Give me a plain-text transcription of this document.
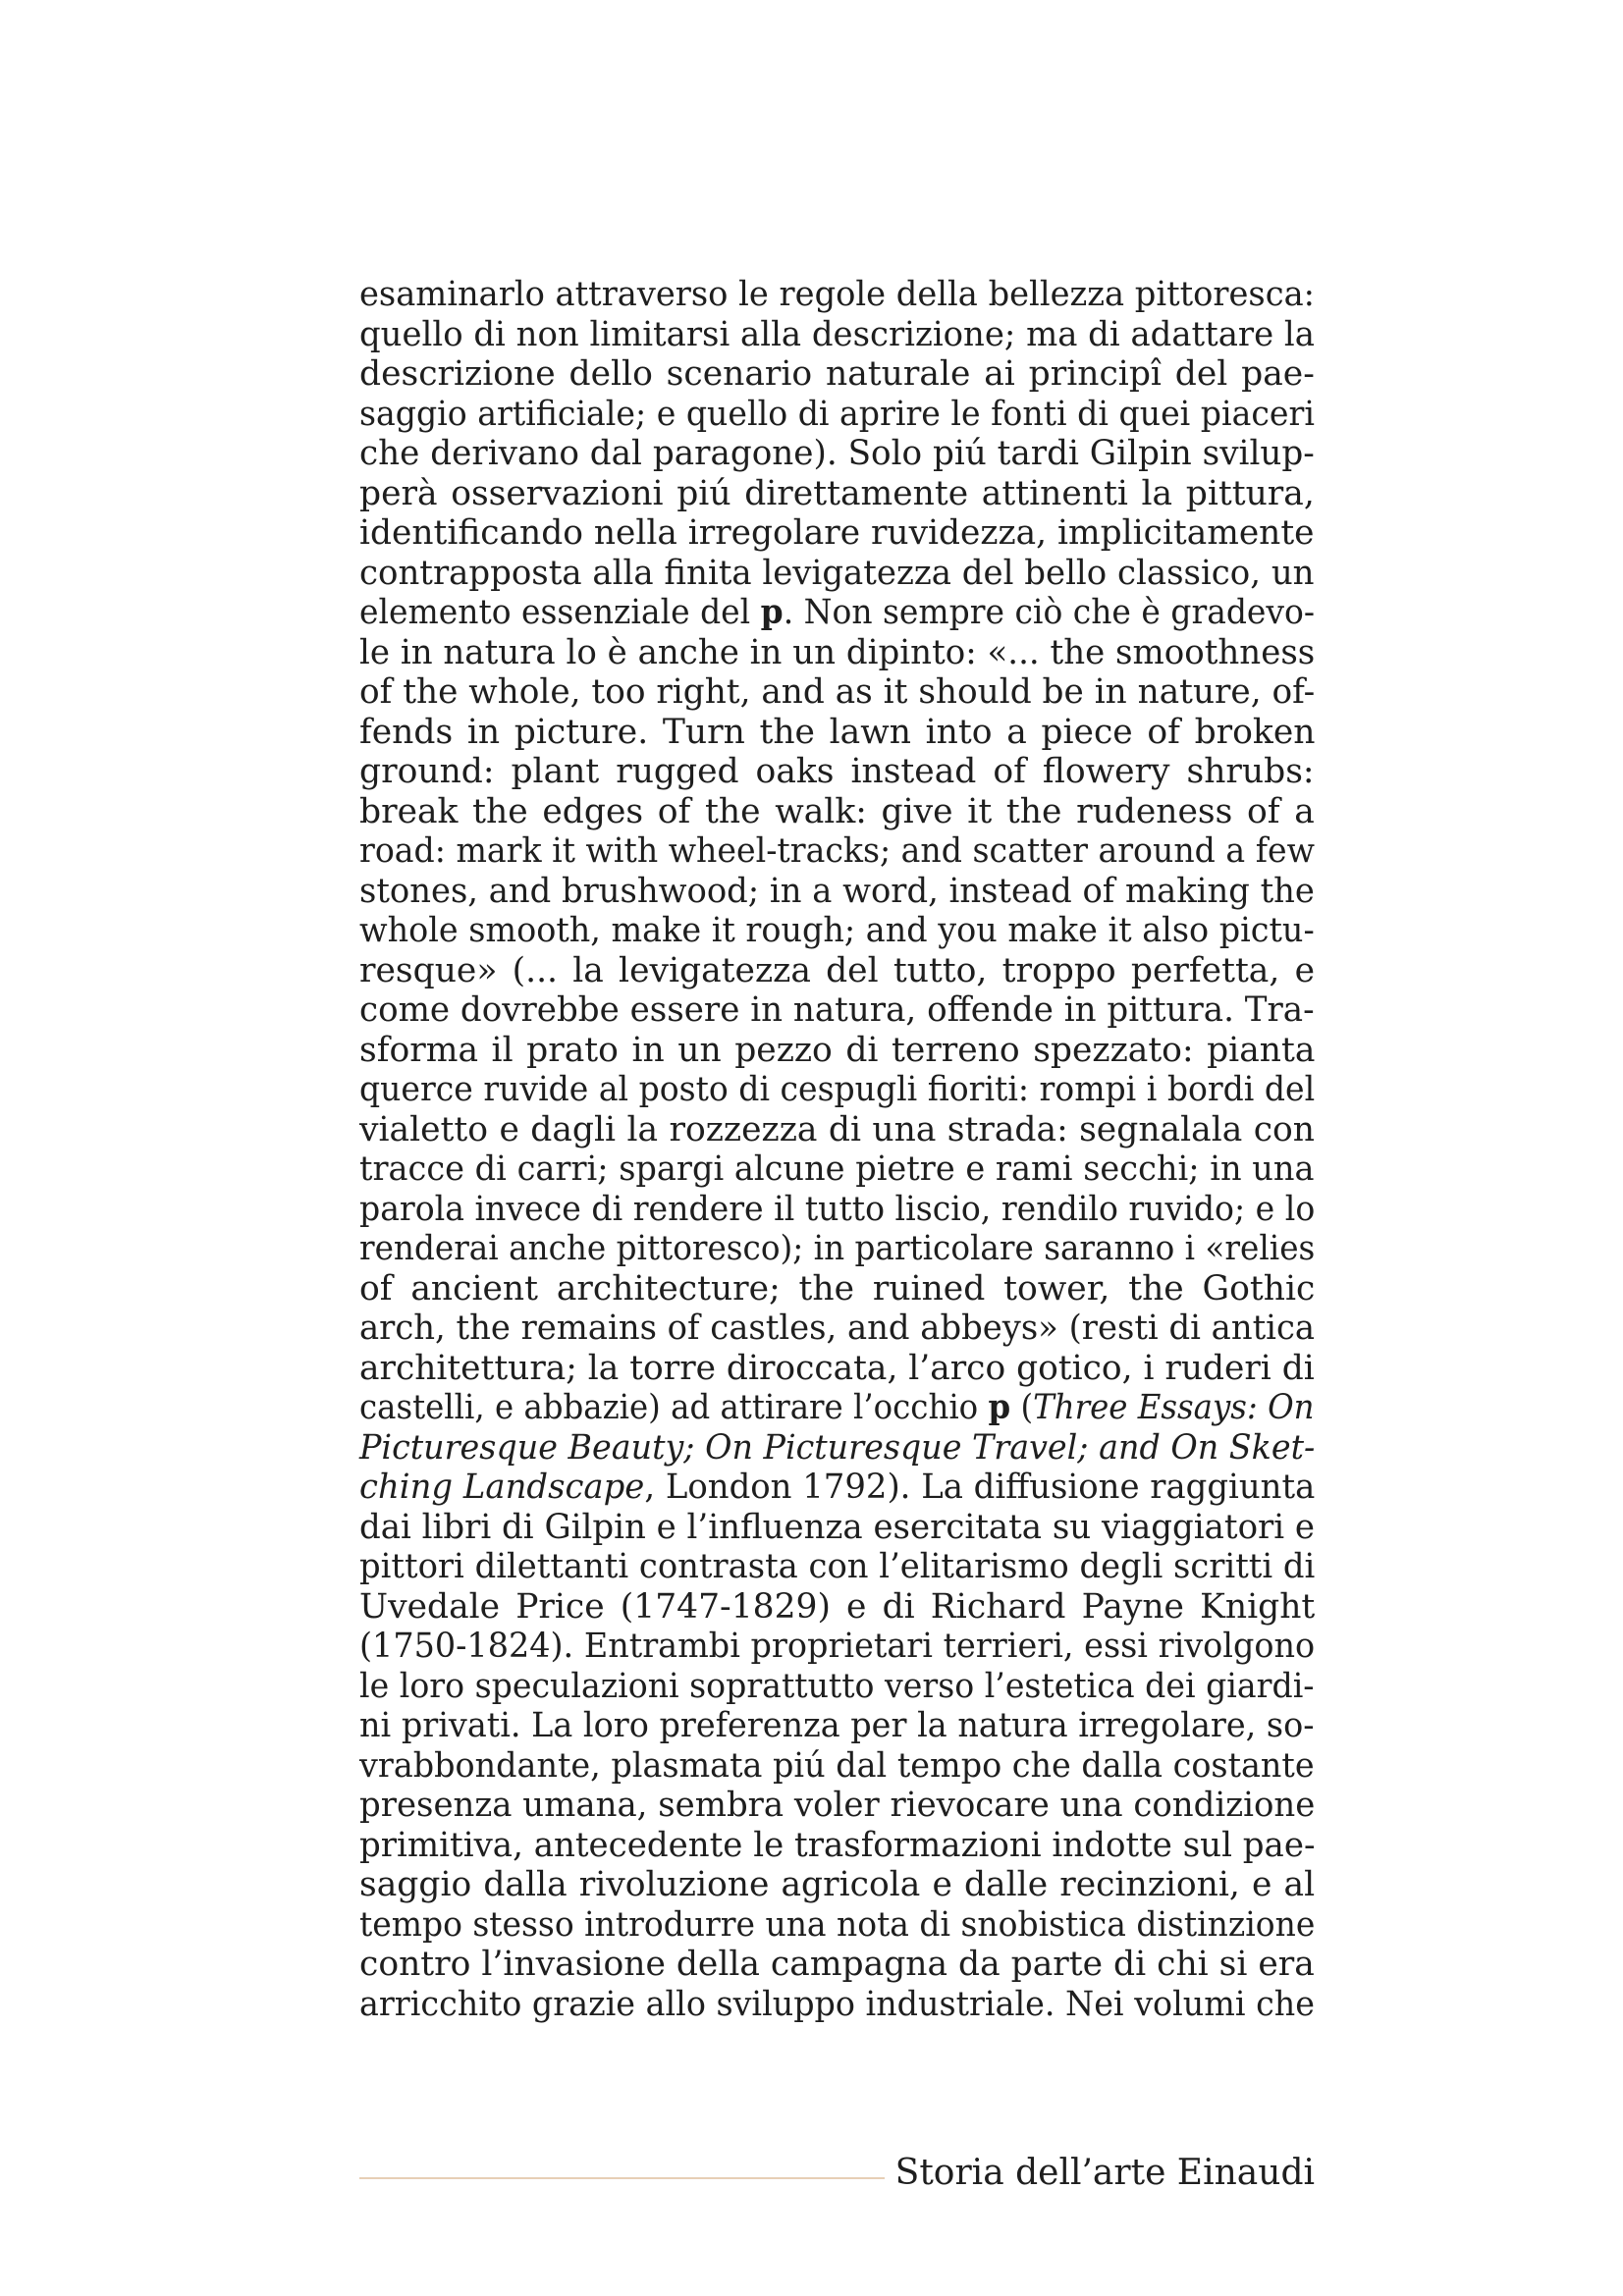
esaminarlo attraverso le regole della bellezza pittoresca:
quello di non limitarsi alla descrizione; ma di adattare la
descrizione dello scenario naturale ai principî del pae-
saggio artificiale; e quello di aprire le fonti di quei piaceri
che derivano dal paragone). Solo piú tardi Gilpin svilup-
perà osservazioni piú direttamente attinenti la pittura,
identificando nella irregolare ruvidezza, implicitamente
contrapposta alla finita levigatezza del bello classico, un
elemento essenziale del p. Non sempre ciò che è gradevo-
le in natura lo è anche in un dipinto: «... the smoothness
of the whole, too right, and as it should be in nature, of-
fends in picture. Turn the lawn into a piece of broken
ground: plant rugged oaks instead of flowery shrubs:
break the edges of the walk: give it the rudeness of a
road: mark it with wheel-tracks; and scatter around a few
stones, and brushwood; in a word, instead of making the
whole smooth, make it rough; and you make it also pictu-
resque» (... la levigatezza del tutto, troppo perfetta, e
come dovrebbe essere in natura, offende in pittura. Tra-
sforma il prato in un pezzo di terreno spezzato: pianta
querce ruvide al posto di cespugli fioriti: rompi i bordi del
vialetto e dagli la rozzezza di una strada: segnalala con
tracce di carri; spargi alcune pietre e rami secchi; in una
parola invece di rendere il tutto liscio, rendilo ruvido; e lo
renderai anche pittoresco); in particolare saranno i «relies
of ancient architecture; the ruined tower, the Gothic
arch, the remains of castles, and abbeys» (resti di antica
architettura; la torre diroccata, l’arco gotico, i ruderi di
castelli, e abbazie) ad attirare l’occhio p (Three Essays: On
Picturesque Beauty; On Picturesque Travel; and On Sket-
ching Landscape, London 1792). La diffusione raggiunta
dai libri di Gilpin e l’influenza esercitata su viaggiatori e
pittori dilettanti contrasta con l’elitarismo degli scritti di
Uvedale Price (1747-1829) e di Richard Payne Knight
(1750-1824). Entrambi proprietari terrieri, essi rivolgono
le loro speculazioni soprattutto verso l’estetica dei giardi-
ni privati. La loro preferenza per la natura irregolare, so-
vrabbondante, plasmata piú dal tempo che dalla costante
presenza umana, sembra voler rievocare una condizione
primitiva, antecedente le trasformazioni indotte sul pae-
saggio dalla rivoluzione agricola e dalle recinzioni, e al
tempo stesso introdurre una nota di snobistica distinzione
contro l’invasione della campagna da parte di chi si era
arricchito grazie allo sviluppo industriale. Nei volumi che
Storia dell’arte Einaudi
